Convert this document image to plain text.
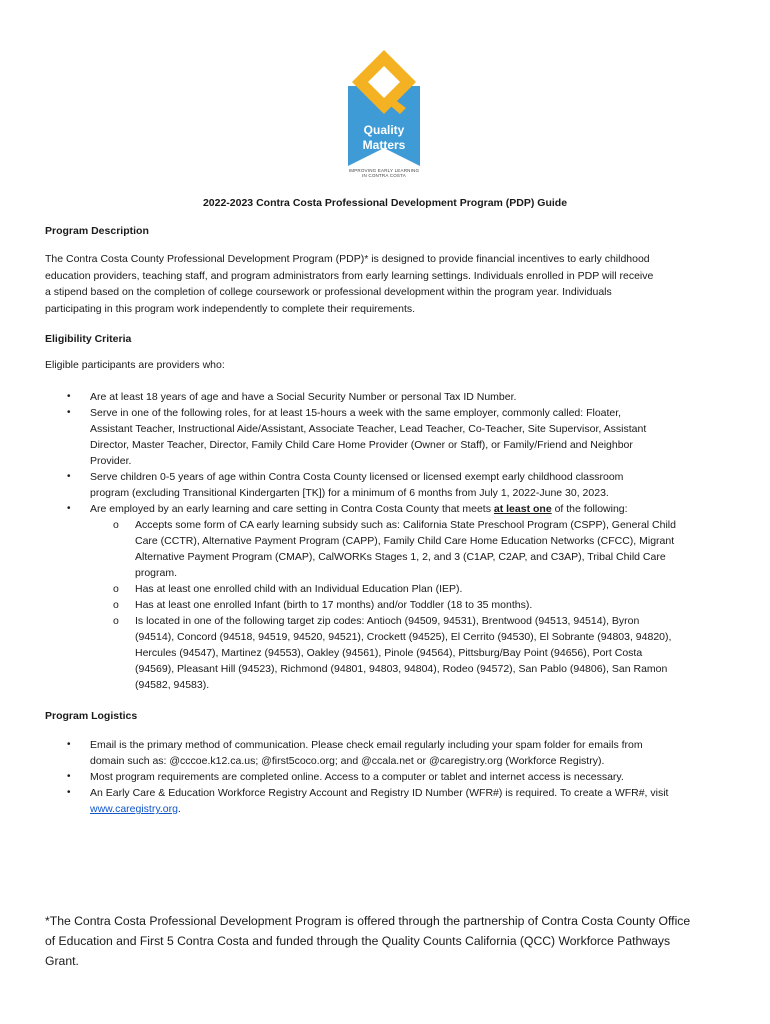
Quality
Matters
IMPROVING EARLY LEARNING
IN CONTRA COSTA
2022-2023 Contra Costa Professional Development Program (PDP) Guide
Program Description
The Contra Costa County Professional Development Program (PDP)* is designed to provide financial incentives to early childhood
education providers, teaching staff, and program administrators from early learning settings. Individuals enrolled in PDP will receive
a stipend based on the completion of college coursework or professional development within the program year. Individuals
participating in this program work independently to complete their requirements.
Eligibility Criteria
Eligible participants are providers who:
• Are at least 18 years of age and have a Social Security Number or personal Tax ID Number.
• Serve in one of the following roles, for at least 15-hours a week with the same employer, commonly called: Floater,
Assistant Teacher, Instructional Aide/Assistant, Associate Teacher, Lead Teacher, Co-Teacher, Site Supervisor, Assistant
Director, Master Teacher, Director, Family Child Care Home Provider (Owner or Staff), or Family/Friend and Neighbor
Provider.
• Serve children 0-5 years of age within Contra Costa County licensed or licensed exempt early childhood classroom
program (excluding Transitional Kindergarten [TK]) for a minimum of 6 months from July 1, 2022-June 30, 2023.
• Are employed by an early learning and care setting in Contra Costa County that meets at least one of the following:
o Accepts some form of CA early learning subsidy such as: California State Preschool Program (CSPP), General Child
Care (CCTR), Alternative Payment Program (CAPP), Family Child Care Home Education Networks (CFCC), Migrant
Alternative Payment Program (CMAP), CalWORKs Stages 1, 2, and 3 (C1AP, C2AP, and C3AP), Tribal Child Care
program.
o Has at least one enrolled child with an Individual Education Plan (IEP).
o Has at least one enrolled Infant (birth to 17 months) and/or Toddler (18 to 35 months).
o Is located in one of the following target zip codes: Antioch (94509, 94531), Brentwood (94513, 94514), Byron
(94514), Concord (94518, 94519, 94520, 94521), Crockett (94525), El Cerrito (94530), El Sobrante (94803, 94820),
Hercules (94547), Martinez (94553), Oakley (94561), Pinole (94564), Pittsburg/Bay Point (94656), Port Costa
(94569), Pleasant Hill (94523), Richmond (94801, 94803, 94804), Rodeo (94572), San Pablo (94806), San Ramon
(94582, 94583).
Program Logistics
• Email is the primary method of communication. Please check email regularly including your spam folder for emails from
domain such as: @cccoe.k12.ca.us; @first5coco.org; and @ccala.net or @caregistry.org (Workforce Registry).
• Most program requirements are completed online. Access to a computer or tablet and internet access is necessary.
• An Early Care & Education Workforce Registry Account and Registry ID Number (WFR#) is required. To create a WFR#, visit
www.caregistry.org.
*The Contra Costa Professional Development Program is offered through the partnership of Contra Costa County Office
of Education and First 5 Contra Costa and funded through the Quality Counts California (QCC) Workforce Pathways
Grant.
